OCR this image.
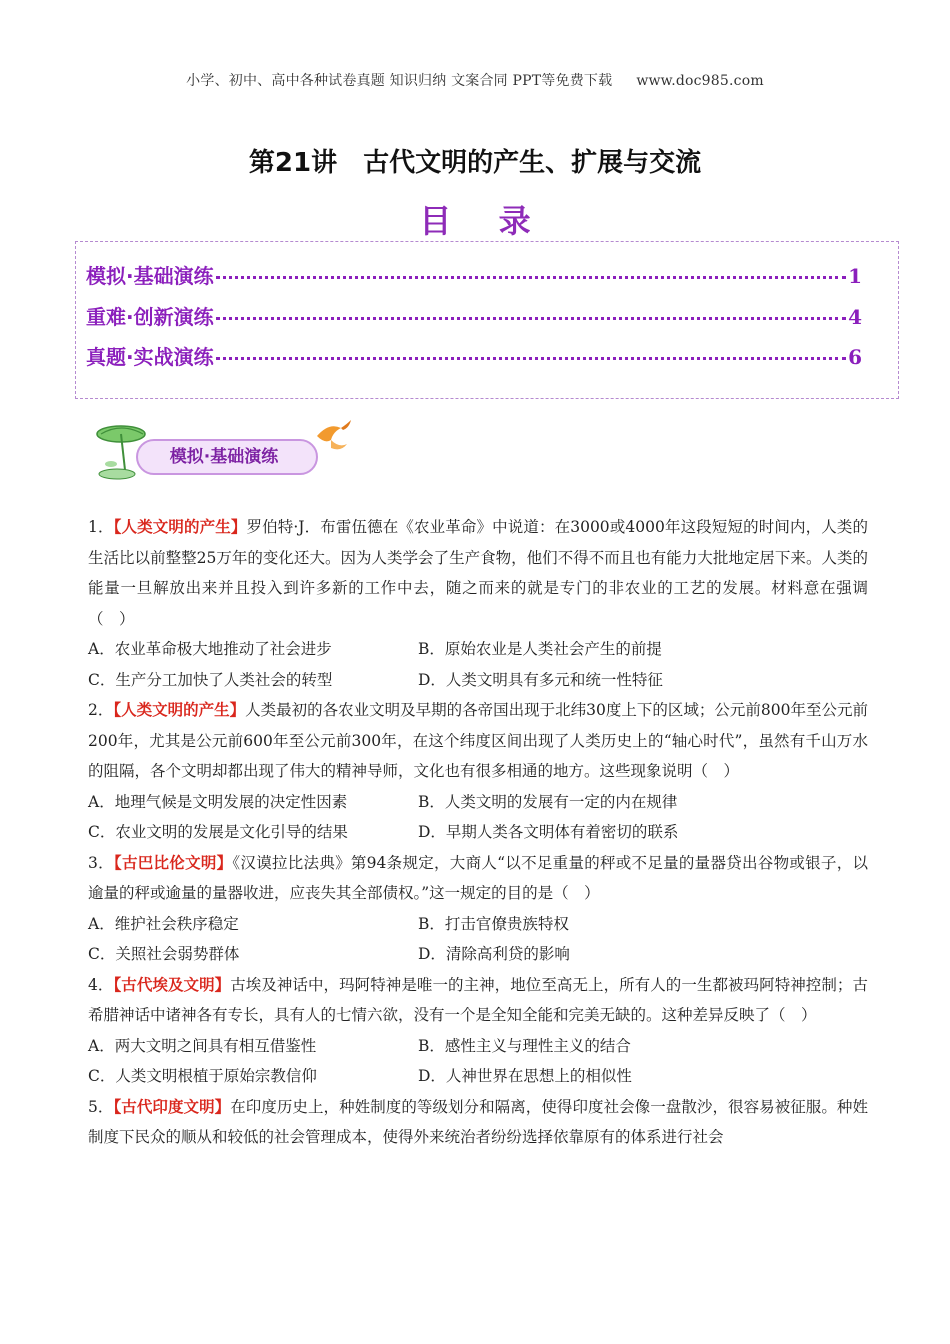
小学、初中、高中各种试卷真题 知识归纳 文案合同 PPT等免费下载 www.doc985.com
第21讲　古代文明的产生、扩展与交流
目 录
模拟·基础演练	1
重难·创新演练	4
真题·实战演练	6
模拟·基础演练
1．【人类文明的产生】罗伯特·J．布雷伍德在《农业革命》中说道：在3000或4000年这段短短的时间内，人类的生活比以前整整25万年的变化还大。因为人类学会了生产食物，他们不得不而且也有能力大批地定居下来。人类的能量一旦解放出来并且投入到许多新的工作中去，随之而来的就是专门的非农业的工艺的发展。材料意在强调（　）
A．农业革命极大地推动了社会进步	B．原始农业是人类社会产生的前提
C．生产分工加快了人类社会的转型	D．人类文明具有多元和统一性特征
2．【人类文明的产生】人类最初的各农业文明及早期的各帝国出现于北纬30度上下的区域；公元前800年至公元前200年，尤其是公元前600年至公元前300年，在这个纬度区间出现了人类历史上的“轴心时代”，虽然有千山万水的阻隔，各个文明却都出现了伟大的精神导师，文化也有很多相通的地方。这些现象说明（　）
A．地理气候是文明发展的决定性因素	B．人类文明的发展有一定的内在规律
C．农业文明的发展是文化引导的结果	D．早期人类各文明体有着密切的联系
3．【古巴比伦文明】《汉谟拉比法典》第94条规定，大商人“以不足重量的秤或不足量的量器贷出谷物或银子，以逾量的秤或逾量的量器收进，应丧失其全部债权。”这一规定的目的是（　）
A．维护社会秩序稳定	B．打击官僚贵族特权
C．关照社会弱势群体	D．清除高利贷的影响
4．【古代埃及文明】古埃及神话中，玛阿特神是唯一的主神，地位至高无上，所有人的一生都被玛阿特神控制；古希腊神话中诸神各有专长，具有人的七情六欲，没有一个是全知全能和完美无缺的。这种差异反映了（　）
A．两大文明之间具有相互借鉴性	B．感性主义与理性主义的结合
C．人类文明根植于原始宗教信仰	D．人神世界在思想上的相似性
5．【古代印度文明】在印度历史上，种姓制度的等级划分和隔离，使得印度社会像一盘散沙，很容易被征服。种姓制度下民众的顺从和较低的社会管理成本，使得外来统治者纷纷选择依靠原有的体系进行社会
